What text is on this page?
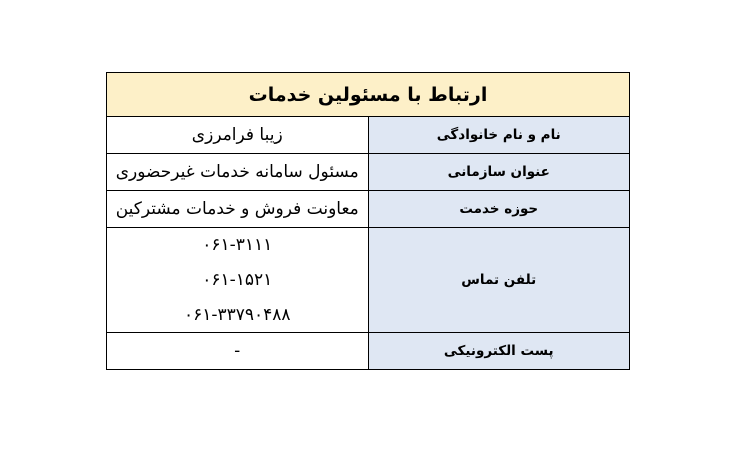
ارتباط با مسئولین خدمات	
نام و نام خانوادگی	زیبا فرامرزی
عنوان سازمانی	مسئول سامانه خدمات غیرحضوری
حوزه خدمت	معاونت فروش و خدمات مشترکین
تلفن تماس	۰۶۱-۳۱۱۱
۰۶۱-۱۵۲۱
۰۶۱-۳۳۷۹۰۴۸۸

پست الکترونیکی	-
